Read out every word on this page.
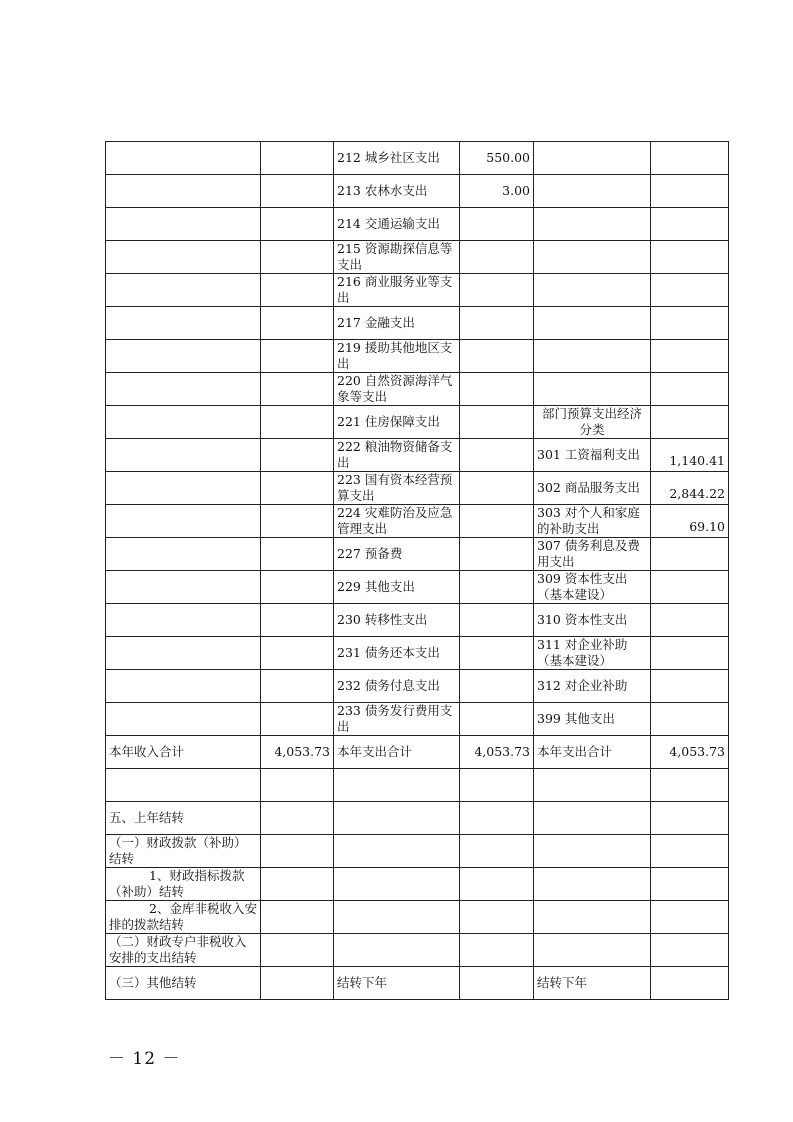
		212 城乡社区支出	550.00		
		213 农林水支出	3.00		
		214 交通运输支出			
		215 资源勘探信息等支出			
		216 商业服务业等支出			
		217 金融支出			
		219 援助其他地区支出			
		220 自然资源海洋气象等支出			
		221 住房保障支出		部门预算支出经济分类	
		222 粮油物资储备支出		301 工资福利支出	1,140.41
		223 国有资本经营预算支出		302 商品服务支出	2,844.22
		224 灾难防治及应急管理支出		303 对个人和家庭的补助支出	69.10
		227 预备费		307 债务利息及费用支出	
		229 其他支出		309 资本性支出（基本建设）	
		230 转移性支出		310 资本性支出	
		231 债务还本支出		311 对企业补助（基本建设）	
		232 债务付息支出		312 对企业补助	
		233 债务发行费用支出		399 其他支出	
本年收入合计	4,053.73	本年支出合计	4,053.73	本年支出合计	4,053.73

五、上年结转					
（一）财政拨款（补助）结转					
1、财政指标拨款（补助）结转					
2、金库非税收入安排的拨款结转					
（二）财政专户非税收入安排的支出结转					
（三）其他结转		结转下年		结转下年	
－ 12 －
